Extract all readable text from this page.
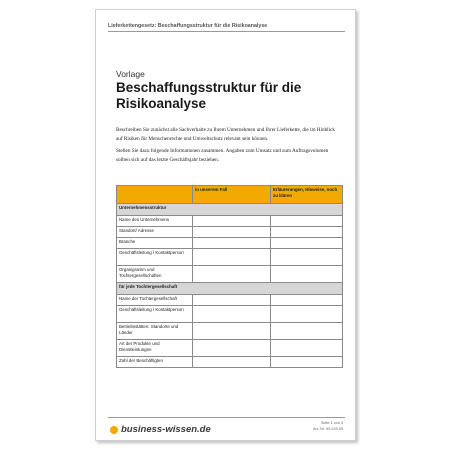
Lieferkettengesetz: Beschaffungsstruktur für die Risikoanalyse
Vorlage
Beschaffungsstruktur für die Risikoanalyse

Beschreiben Sie zunächst alle Sachverhalte zu Ihrem Unternehmen und Ihrer Lieferkette, die im Hinblick auf Risiken für Menschenrechte und Umweltschutz relevant sein können.

Stellen Sie dazu folgende Informationen zusammen. Angaben zum Umsatz und zum Auftragsvolumen sollten sich auf das letzte Geschäftsjahr beziehen.

	in unserem Fall	Erläuterungen, Hinweise, noch zu klären
Unternehmensstruktur		
Name des Unternehmens		
Standort/ Adresse		
Branche		
Geschäftsleitung / Kontaktperson		
Organigramm und Tochtergesellschaften		
für jede Tochtergesellschaft		
Name der Tochtergesellschaft		
Geschäftsleitung / Kontaktperson		
Betriebsstätten: Standorte und Länder		
Art der Produkte und Dienstleistungen		
Zahl der Beschäftigten		
business-wissen.de
Seite 1 von 3
Art.-Nr. 99.243.05
